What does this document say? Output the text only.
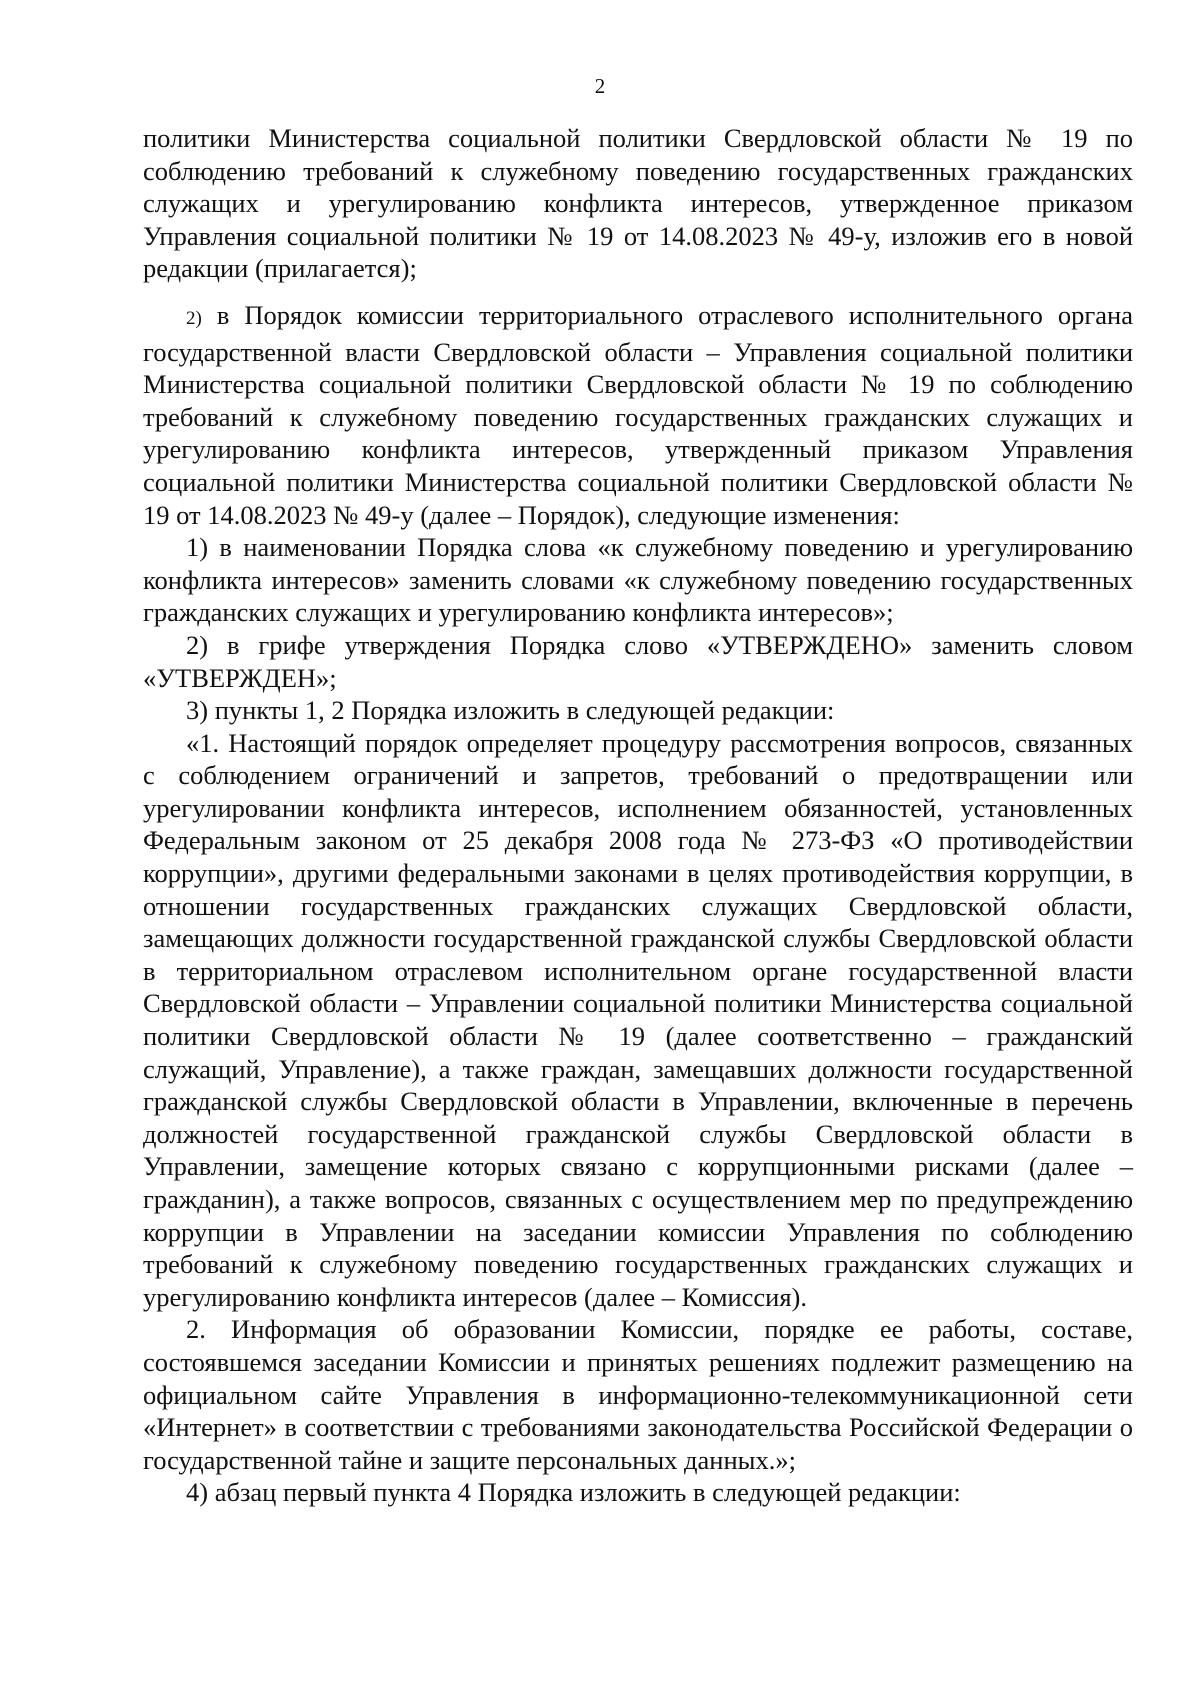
2

политики Министерства социальной политики Свердловской области № 19 по соблюдению требований к служебному поведению государственных гражданских служащих и урегулированию конфликта интересов, утвержденное приказом Управления социальной политики № 19 от 14.08.2023 № 49-у, изложив его в новой редакции (прилагается);

2) в Порядок комиссии территориального отраслевого исполнительного органа государственной власти Свердловской области – Управления социальной политики Министерства социальной политики Свердловской области № 19 по соблюдению требований к служебному поведению государственных гражданских служащих и урегулированию конфликта интересов, утвержденный приказом Управления социальной политики Министерства социальной политики Свердловской области № 19 от 14.08.2023 № 49-у (далее – Порядок), следующие изменения:

1) в наименовании Порядка слова «к служебному поведению и урегулированию конфликта интересов» заменить словами «к служебному поведению государственных гражданских служащих и урегулированию конфликта интересов»;

2) в грифе утверждения Порядка слово «УТВЕРЖДЕНО» заменить словом «УТВЕРЖДЕН»;

3) пункты 1, 2 Порядка изложить в следующей редакции:

«1. Настоящий порядок определяет процедуру рассмотрения вопросов, связанных с соблюдением ограничений и запретов, требований о предотвращении или урегулировании конфликта интересов, исполнением обязанностей, установленных Федеральным законом от 25 декабря 2008 года № 273-ФЗ «О противодействии коррупции», другими федеральными законами в целях противодействия коррупции, в отношении государственных гражданских служащих Свердловской области, замещающих должности государственной гражданской службы Свердловской области в территориальном отраслевом исполнительном органе государственной власти Свердловской области – Управлении социальной политики Министерства социальной политики Свердловской области № 19 (далее соответственно – гражданский служащий, Управление), а также граждан, замещавших должности государственной гражданской службы Свердловской области в Управлении, включенные в перечень должностей государственной гражданской службы Свердловской области в Управлении, замещение которых связано с коррупционными рисками (далее – гражданин), а также вопросов, связанных с осуществлением мер по предупреждению коррупции в Управлении на заседании комиссии Управления по соблюдению требований к служебному поведению государственных гражданских служащих и урегулированию конфликта интересов (далее – Комиссия).

2. Информация об образовании Комиссии, порядке ее работы, составе, состоявшемся заседании Комиссии и принятых решениях подлежит размещению на официальном сайте Управления в информационно-телекоммуникационной сети «Интернет» в соответствии с требованиями законодательства Российской Федерации о государственной тайне и защите персональных данных.»;

4) абзац первый пункта 4 Порядка изложить в следующей редакции:
